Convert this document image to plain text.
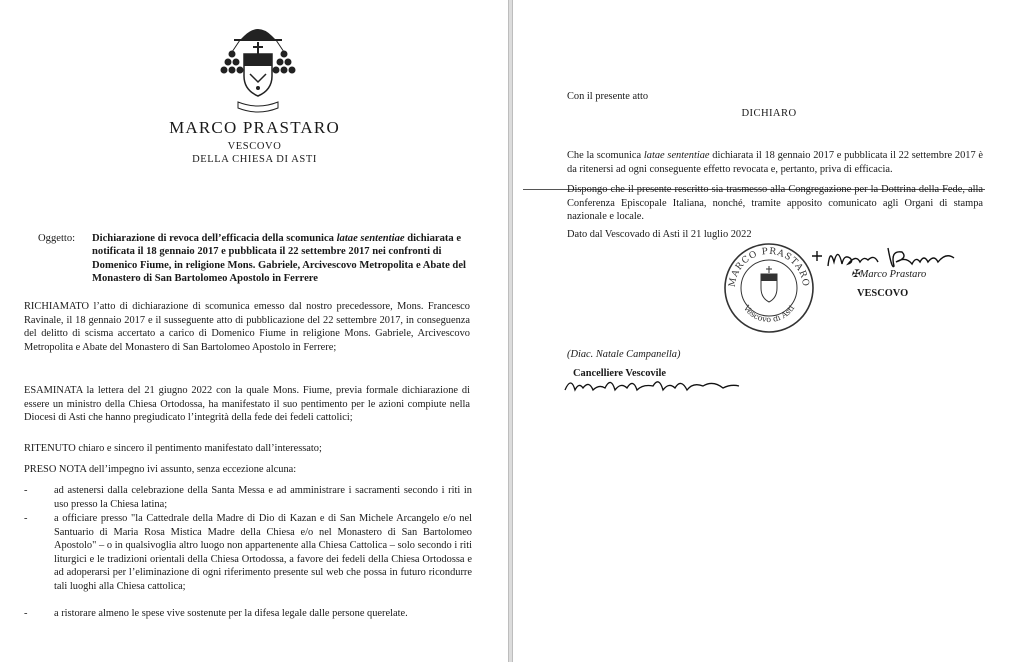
MARCO PRASTARO
VESCOVO
DELLA CHIESA DI ASTI
Oggetto: Dichiarazione di revoca dell’efficacia della scomunica latae sententiae dichiarata e notificata il 18 gennaio 2017 e pubblicata il 22 settembre 2017 nei confronti di Domenico Fiume, in religione Mons. Gabriele, Arcivescovo Metropolita e Abate del Monastero di San Bartolomeo Apostolo in Ferrere
RICHIAMATO l’atto di dichiarazione di scomunica emesso dal nostro precedessore, Mons. Francesco Ravinale, il 18 gennaio 2017 e il susseguente atto di pubblicazione del 22 settembre 2017, in conseguenza del delitto di scisma accertato a carico di Domenico Fiume in religione Mons. Gabriele, Arcivescovo Metropolita e Abate del Monastero di San Bartolomeo Apostolo in Ferrere;
ESAMINATA la lettera del 21 giugno 2022 con la quale Mons. Fiume, previa formale dichiarazione di essere un ministro della Chiesa Ortodossa, ha manifestato il suo pentimento per le azioni compiute nella Diocesi di Asti che hanno pregiudicato l’integrità della fede dei fedeli cattolici;
RITENUTO chiaro e sincero il pentimento manifestato dall’interessato;
PRESO NOTA dell’impegno ivi assunto, senza eccezione alcuna:
-	ad astenersi dalla celebrazione della Santa Messa e ad amministrare i sacramenti secondo i riti in uso presso la Chiesa latina;
-	a officiare presso "la Cattedrale della Madre di Dio di Kazan e di San Michele Arcangelo e/o nel Santuario di Maria Rosa Mistica Madre della Chiesa e/o nel Monastero di San Bartolomeo Apostolo" – o in qualsivoglia altro luogo non appartenente alla Chiesa Cattolica – solo secondo i riti liturgici e le tradizioni orientali della Chiesa Ortodossa, a favore dei fedeli della Chiesa Ortodossa e ad adoperarsi per l’eliminazione di ogni riferimento presente sul web che possa in futuro ricondurre tali luoghi alla Chiesa cattolica;
-	a ristorare almeno le spese vive sostenute per la difesa legale dalle persone querelate.
Con il presente atto
DICHIARO
Che la scomunica latae sententiae dichiarata il 18 gennaio 2017 e pubblicata il 22 settembre 2017 è da ritenersi ad ogni conseguente effetto revocata e, pertanto, priva di efficacia.
Dispongo che il presente rescritto sia trasmesso alla Congregazione per la Dottrina della Fede, alla Conferenza Episcopale Italiana, nonché, tramite apposito comunicato agli Organi di stampa nazionale e locale.
Dato dal Vescovado di Asti il 21 luglio 2022
MARCO PRASTARO
Vescovo di Asti
✠Marco Prastaro
VESCOVO
(Diac. Natale Campanella)
Cancelliere Vescovile
